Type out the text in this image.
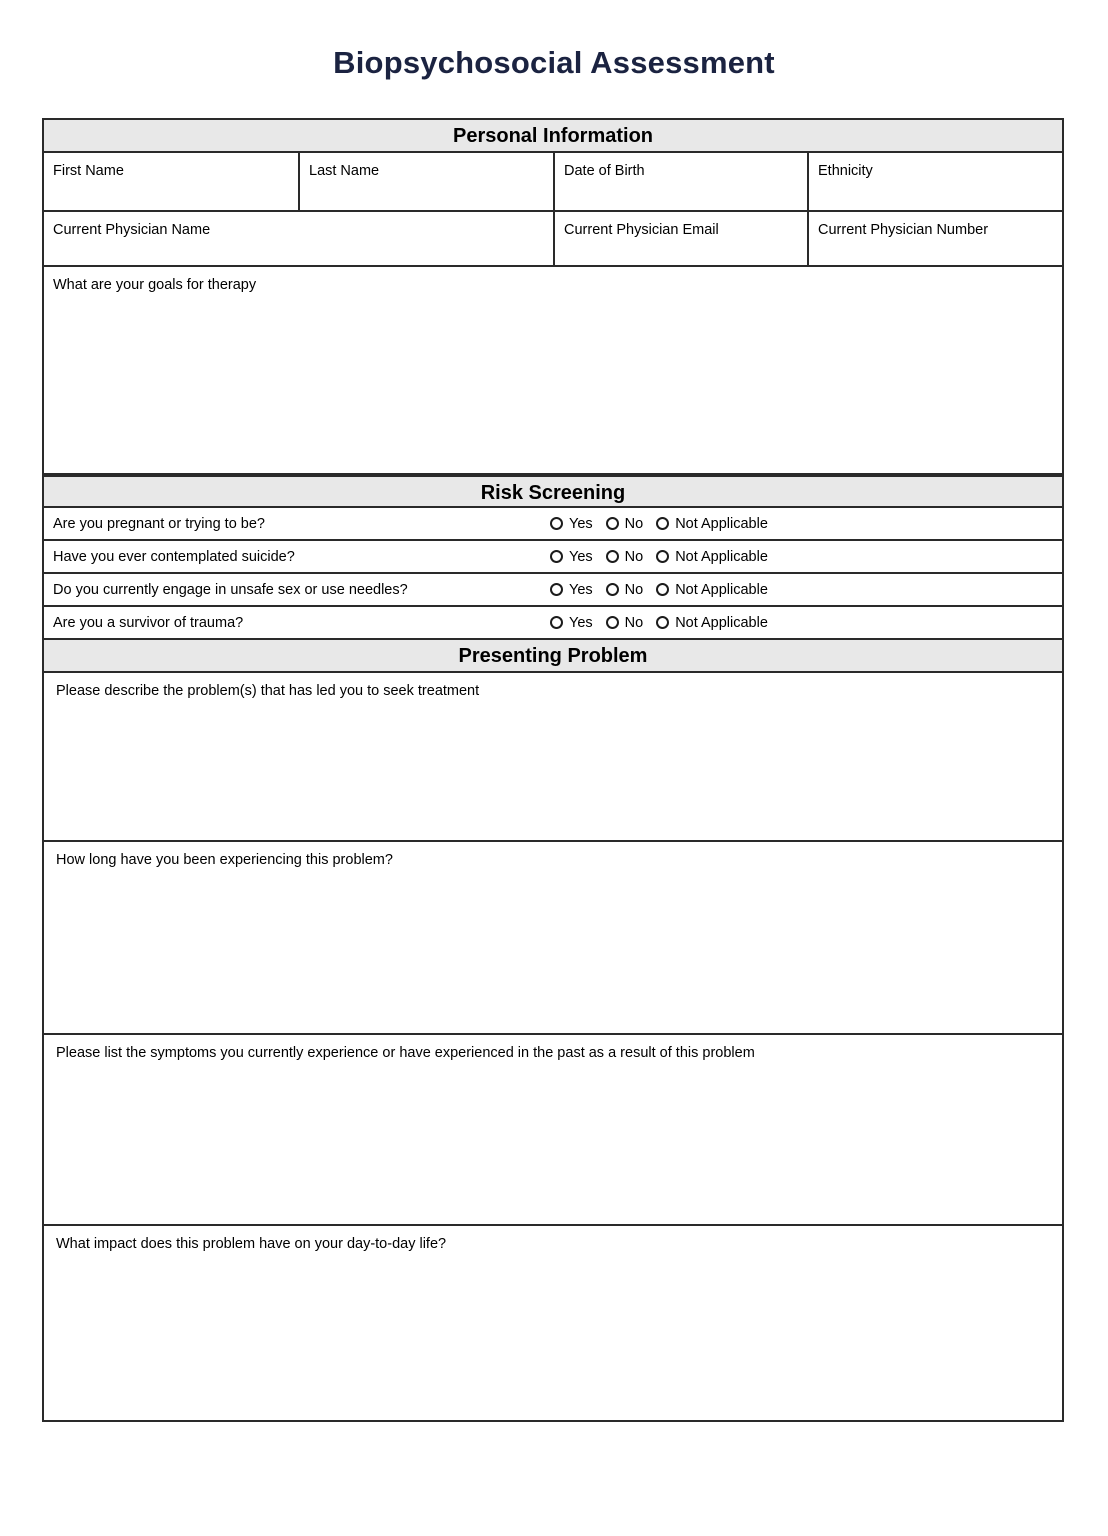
Biopsychosocial Assessment
Personal Information
First Name	Last Name	Date of Birth	Ethnicity
Current Physician Name	Current Physician Email	Current Physician Number
What are your goals for therapy
Risk Screening
Are you pregnant or trying to be?	Yes No Not Applicable
Have you ever contemplated suicide?	Yes No Not Applicable
Do you currently engage in unsafe sex or use needles?	Yes No Not Applicable
Are you a survivor of trauma?	Yes No Not Applicable
Presenting Problem
Please describe the problem(s) that has led you to seek treatment
How long have you been experiencing this problem?
Please list the symptoms you currently experience or have experienced in the past as a result of this problem
What impact does this problem have on your day-to-day life?
